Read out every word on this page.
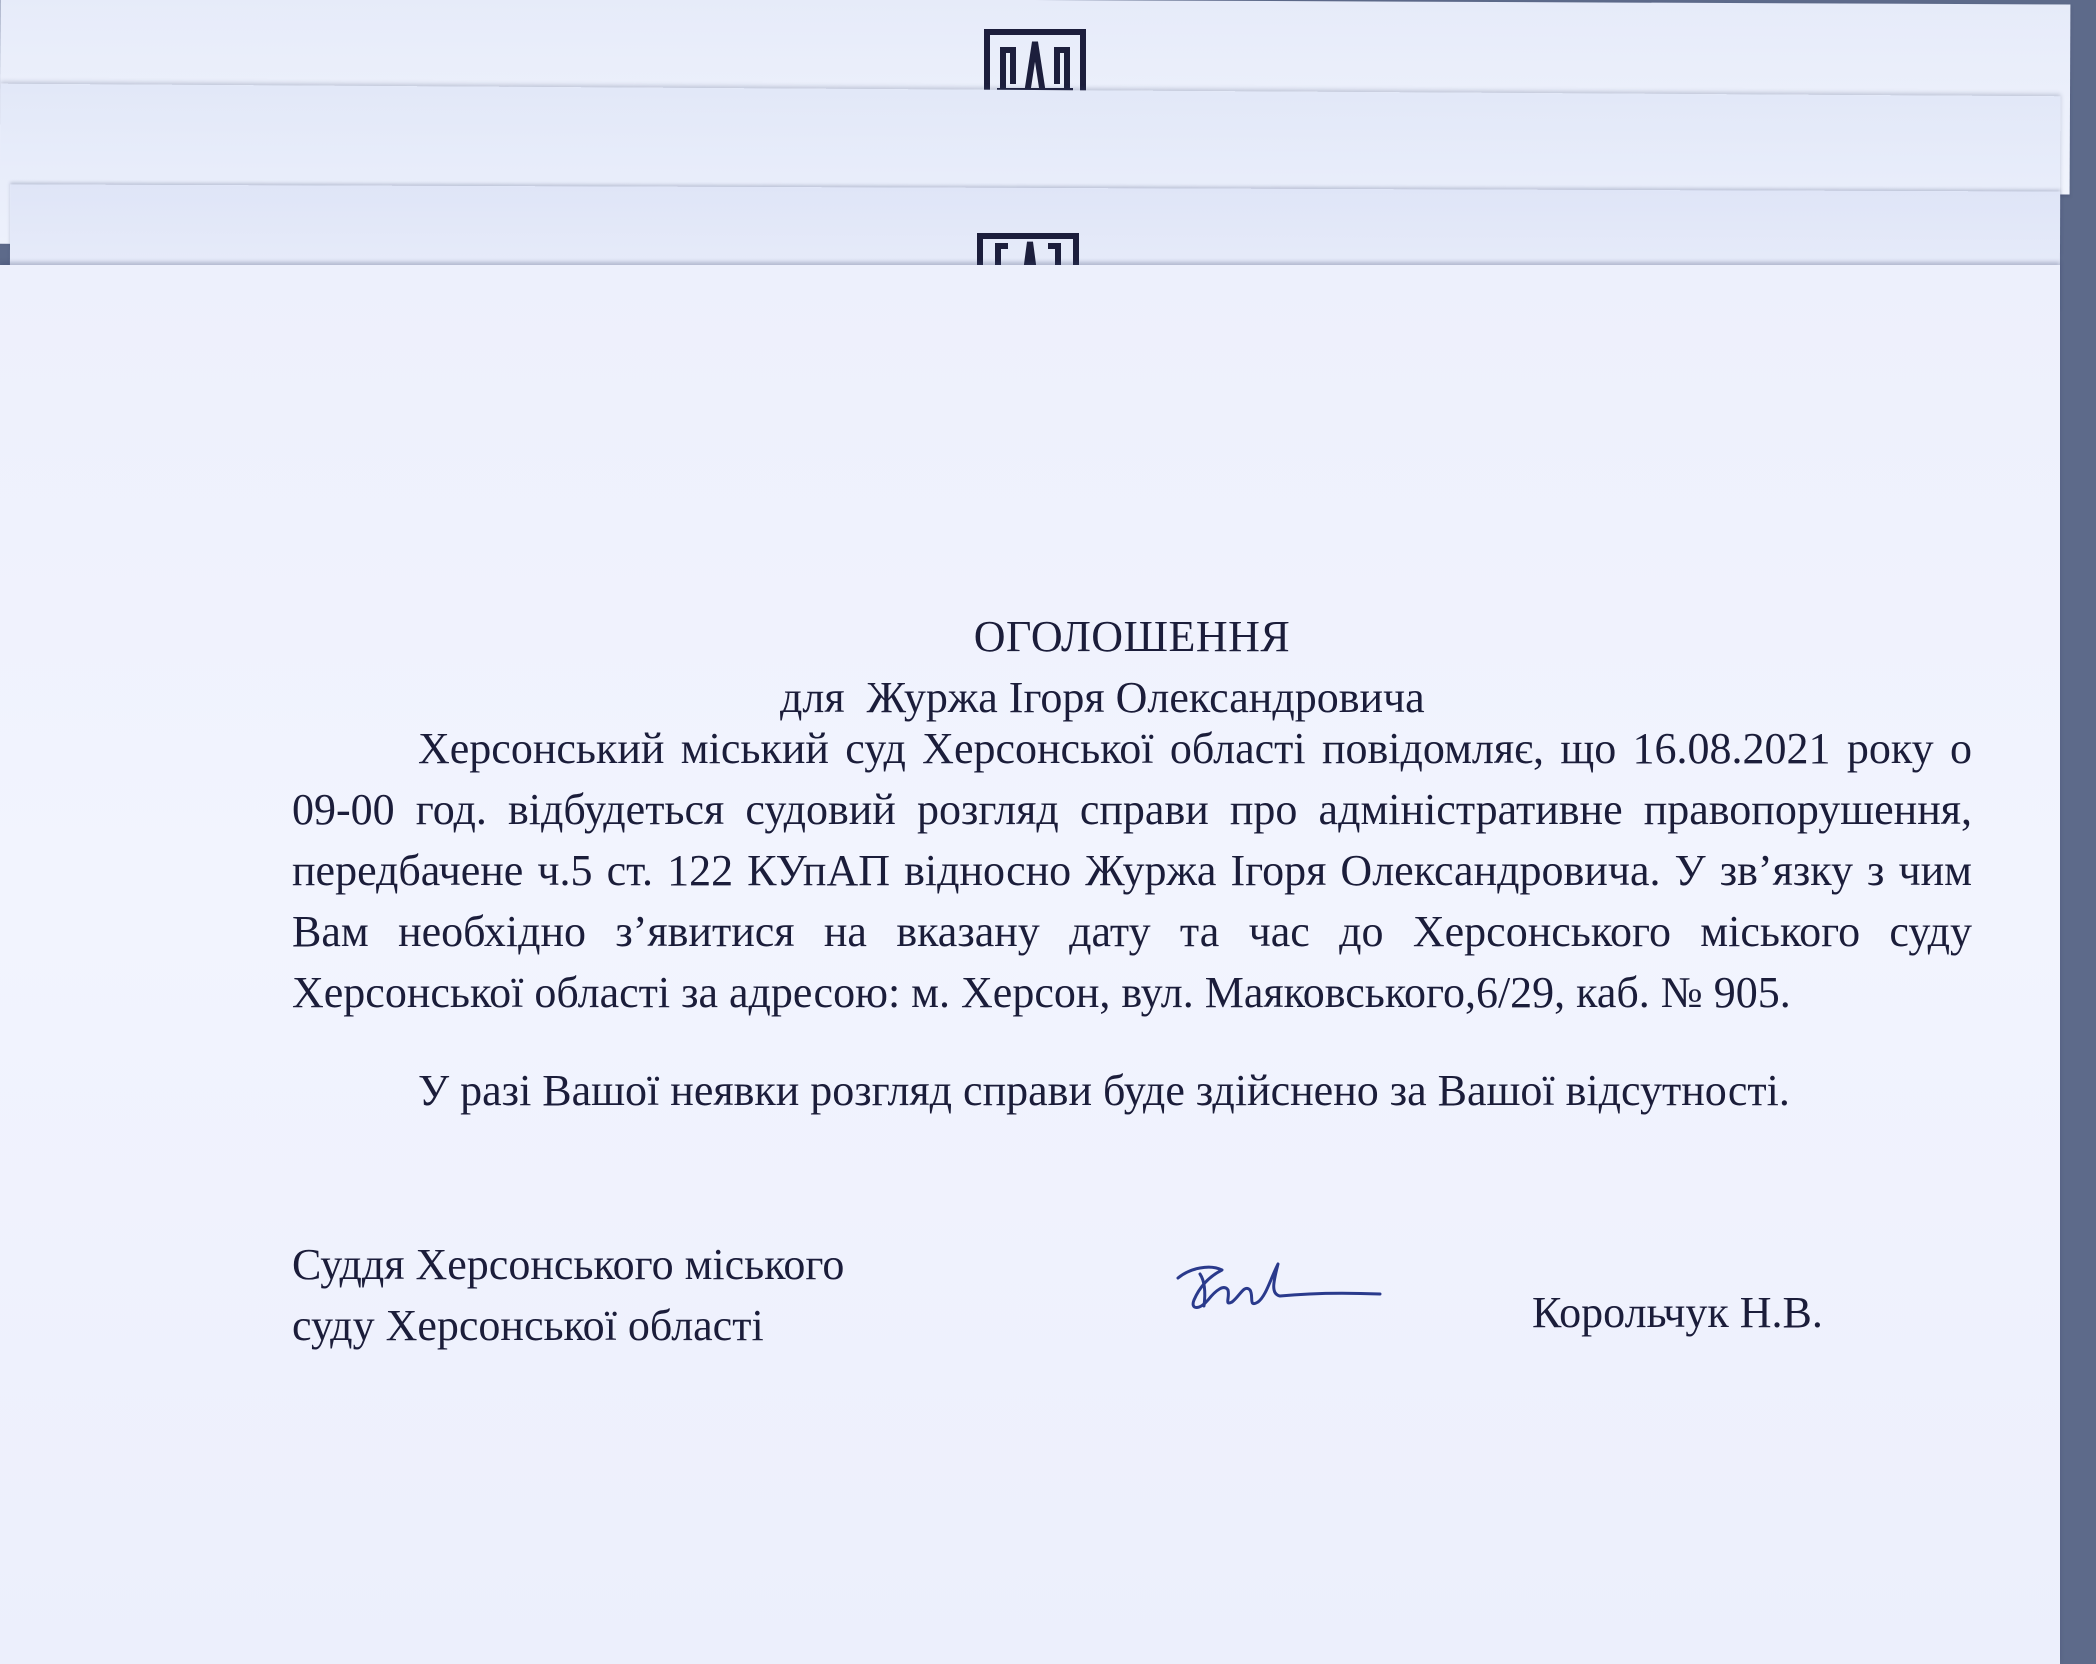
ОГОЛОШЕННЯ
для  Журжа Ігоря Олександровича

Херсонський міський суд Херсонської області повідомляє, що 16.08.2021 року о 09-00 год. відбудеться судовий розгляд справи про адміністративне правопорушення, передбачене ч.5 ст. 122 КУпАП відносно Журжа Ігоря Олександровича. У зв’язку з чим Вам необхідно з’явитися на вказану дату та час до Херсонського міського суду Херсонської області за адресою: м. Херсон, вул. Маяковського,6/29, каб. № 905.

У разі Вашої неявки розгляд справи буде здійснено за Вашої відсутності.

Суддя Херсонського міського
суду Херсонської області	Корольчук Н.В.
